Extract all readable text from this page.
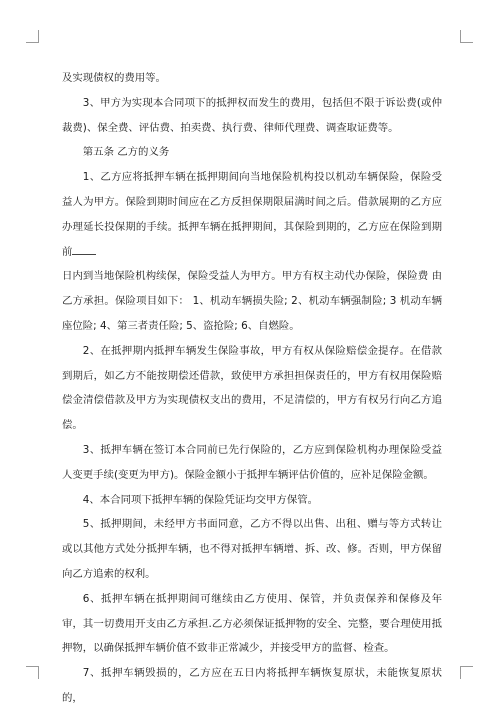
及实现债权的费用等。

3、甲方为实现本合同项下的抵押权而发生的费用，包括但不限于诉讼费(或仲裁费)、保全费、评估费、拍卖费、执行费、律师代理费、调查取证费等。

第五条 乙方的义务

1、乙方应将抵押车辆在抵押期间向当地保险机构投以机动车辆保险，保险受益人为甲方。保险到期时间应在乙方反担保期限届满时间之后。借款展期的乙方应办理延长投保期的手续。抵押车辆在抵押期间，其保险到期的，乙方应在保险到期前

日内到当地保险机构续保，保险受益人为甲方。甲方有权主动代办保险，保险费 由乙方承担。保险项目如下： 1、机动车辆损失险; 2、机动车辆强制险; 3 机动车辆座位险; 4、第三者责任险; 5、盗抢险; 6、自燃险。

2、在抵押期内抵押车辆发生保险事故，甲方有权从保险赔偿金提存。在借款到期后，如乙方不能按期偿还借款，致使甲方承担担保责任的，甲方有权用保险赔偿金清偿借款及甲方为实现债权支出的费用，不足清偿的，甲方有权另行向乙方追偿。

3、抵押车辆在签订本合同前已先行保险的，乙方应到保险机构办理保险受益人变更手续(变更为甲方)。保险金额小于抵押车辆评估价值的，应补足保险金额。

4、本合同项下抵押车辆的保险凭证均交甲方保管。

5、抵押期间，未经甲方书面同意，乙方不得以出售、出租、赠与等方式转让或以其他方式处分抵押车辆，也不得对抵押车辆增、拆、改、修。否则，甲方保留向乙方追索的权利。

6、抵押车辆在抵押期间可继续由乙方使用、保管，并负责保养和保修及年审，其一切费用开支由乙方承担.乙方必须保证抵押物的安全、完整，要合理使用抵押物，以确保抵押车辆价值不致非正常减少，并接受甲方的监督、检查。

7、抵押车辆毁损的，乙方应在五日内将抵押车辆恢复原状，未能恢复原状的，
